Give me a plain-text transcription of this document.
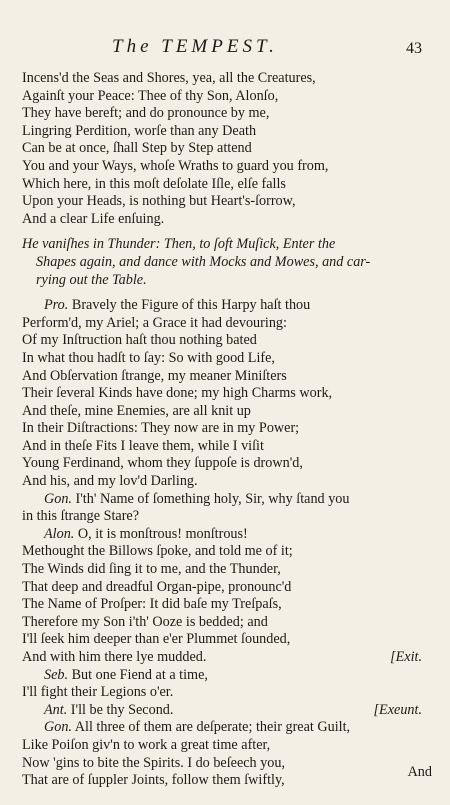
The TEMPEST.	43
Incens'd the Seas and Shores, yea, all the Creatures,
Againſt your Peace: Thee of thy Son, Alonſo,
They have bereft; and do pronounce by me,
Lingring Perdition, worſe than any Death
Can be at once, ſhall Step by Step attend
You and your Ways, whoſe Wraths to guard you from,
Which here, in this moſt deſolate Iſle, elſe falls
Upon your Heads, is nothing but Heart's-ſorrow,
And a clear Life enſuing.
He vaniſhes in Thunder: Then, to ſoft Muſick, Enter the
Shapes again, and dance with Mocks and Mowes, and car-
rying out the Table.
Pro. Bravely the Figure of this Harpy haſt thou
Perform'd, my Ariel; a Grace it had devouring:
Of my Inſtruction haſt thou nothing bated
In what thou hadſt to ſay: So with good Life,
And Obſervation ſtrange, my meaner Miniſters
Their ſeveral Kinds have done; my high Charms work,
And theſe, mine Enemies, are all knit up
In their Diſtractions: They now are in my Power;
And in theſe Fits I leave them, while I viſit
Young Ferdinand, whom they ſuppoſe is drown'd,
And his, and my lov'd Darling.
Gon. I'th' Name of ſomething holy, Sir, why ſtand you
in this ſtrange Stare?
Alon. O, it is monſtrous! monſtrous!
Methought the Billows ſpoke, and told me of it;
The Winds did ſing it to me, and the Thunder,
That deep and dreadful Organ-pipe, pronounc'd
The Name of Proſper: It did baſe my Treſpaſs,
Therefore my Son i'th' Ooze is bedded; and
I'll ſeek him deeper than e'er Plummet ſounded,
And with him there lye mudded.	[Exit.
Seb. But one Fiend at a time,
I'll fight their Legions o'er.
Ant. I'll be thy Second.	[Exeunt.
Gon. All three of them are deſperate; their great Guilt,
Like Poiſon giv'n to work a great time after,
Now 'gins to bite the Spirits. I do beſeech you,
That are of ſuppler Joints, follow them ſwiftly,
And
